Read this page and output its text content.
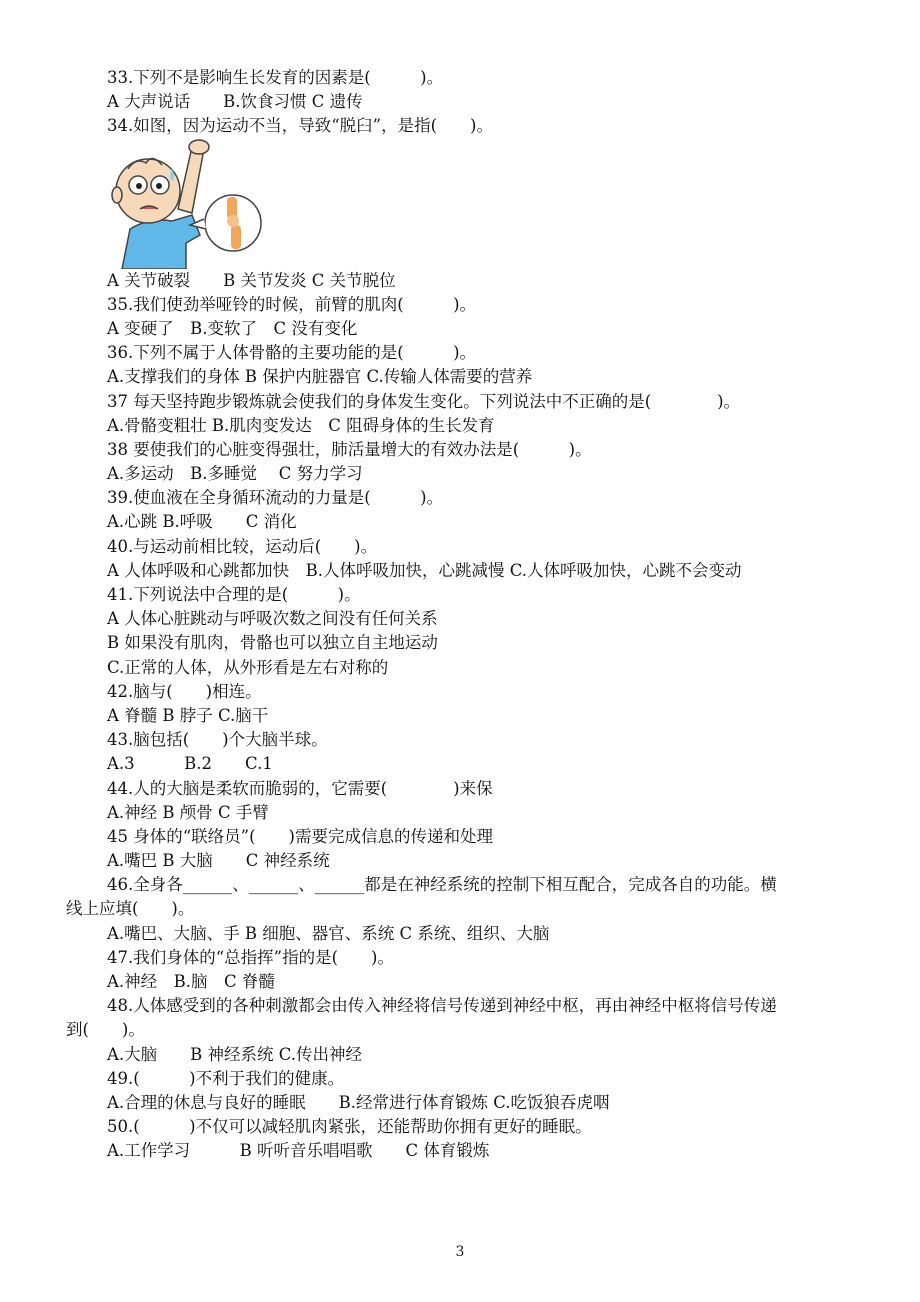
33.下列不是影响生长发育的因素是(　　　)。
A 大声说话　　B.饮食习惯 C 遗传
34.如图，因为运动不当，导致“脱臼”，是指(　　)。
A 关节破裂　　B 关节发炎 C 关节脱位
35.我们使劲举哑铃的时候，前臂的肌肉(　　　)。
A 变硬了　B.变软了　C 没有变化
36.下列不属于人体骨骼的主要功能的是(　　　)。
A.支撑我们的身体 B 保护内脏器官 C.传输人体需要的营养
37 每天坚持跑步锻炼就会使我们的身体发生变化。下列说法中不正确的是(　　　　)。
A.骨骼变粗壮 B.肌肉变发达　C 阻碍身体的生长发育
38 要使我们的心脏变得强壮，肺活量增大的有效办法是(　　　)。
A.多运动　B.多睡觉　 C 努力学习
39.使血液在全身循环流动的力量是(　　　)。
A.心跳 B.呼吸　　C 消化
40.与运动前相比较，运动后(　　)。
A 人体呼吸和心跳都加快　B.人体呼吸加快，心跳减慢 C.人体呼吸加快，心跳不会变动
41.下列说法中合理的是(　　　)。
A 人体心脏跳动与呼吸次数之间没有任何关系
B 如果没有肌肉，骨骼也可以独立自主地运动
C.正常的人体，从外形看是左右对称的
42.脑与(　　)相连。
A 脊髓 B 脖子 C.脑干
43.脑包括(　　)个大脑半球。
A.3　　　B.2　　C.1
44.人的大脑是柔软而脆弱的，它需要(　　　　)来保
A.神经 B 颅骨 C 手臂
45 身体的“联络员”(　　)需要完成信息的传递和处理
A.嘴巴 B 大脑　　C 神经系统
46.全身各______、______、______都是在神经系统的控制下相互配合，完成各自的功能。横
线上应填(　　)。
A.嘴巴、大脑、手 B 细胞、器官、系统 C 系统、组织、大脑
47.我们身体的“总指挥”指的是(　　)。
A.神经　B.脑　C 脊髓
48.人体感受到的各种刺激都会由传入神经将信号传递到神经中枢，再由神经中枢将信号传递
到(　　)。
A.大脑　　B 神经系统 C.传出神经
49.(　　　)不利于我们的健康。
A.合理的休息与良好的睡眠　　B.经常进行体育锻炼 C.吃饭狼吞虎咽
50.(　　　)不仅可以减轻肌肉紧张，还能帮助你拥有更好的睡眠。
A.工作学习　　　B 听听音乐唱唱歌　　C 体育锻炼
3
